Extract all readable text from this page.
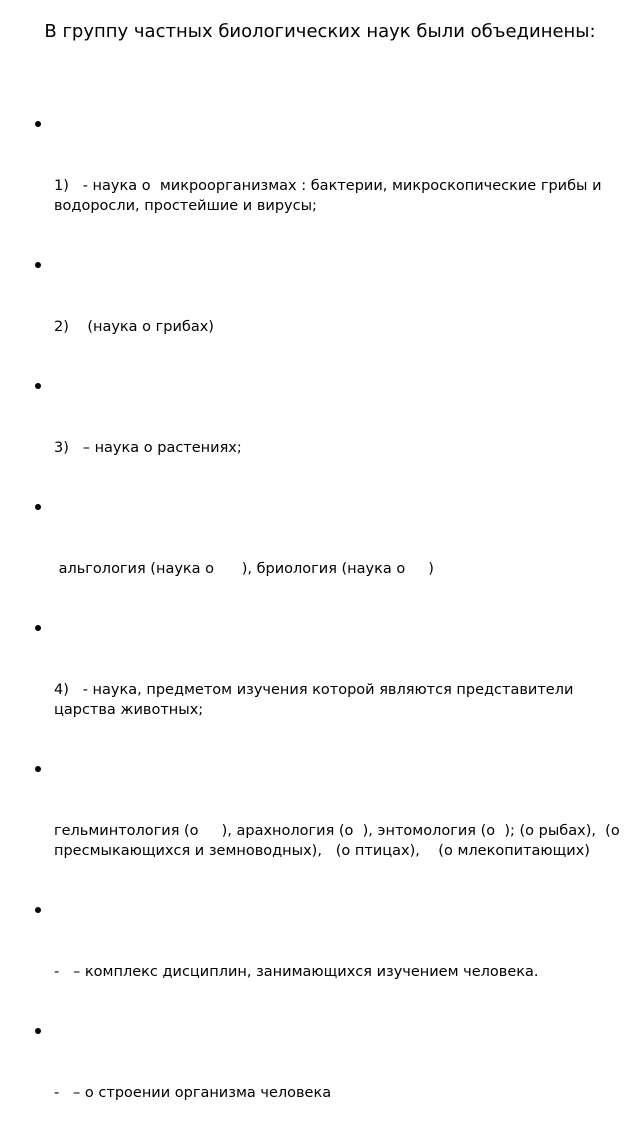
В группу частных биологических наук были объединены:

1)   - наука о  микроорганизмах : бактерии, микроскопические грибы и водоросли, простейшие и вирусы;

2)    (наука о грибах)

3)   – наука о растениях;

альгология (наука о      ), бриология (наука о     )

4)   - наука, предметом изучения которой являются представители царства животных;

гельминтология (о     ), арахнология (о  ), энтомология (о  ); (о рыбах),  (о пресмыкающихся и земноводных),   (о птицах),    (о млекопитающих)

-   – комплекс дисциплин, занимающихся изучением человека.

-   – о строении организма человека
